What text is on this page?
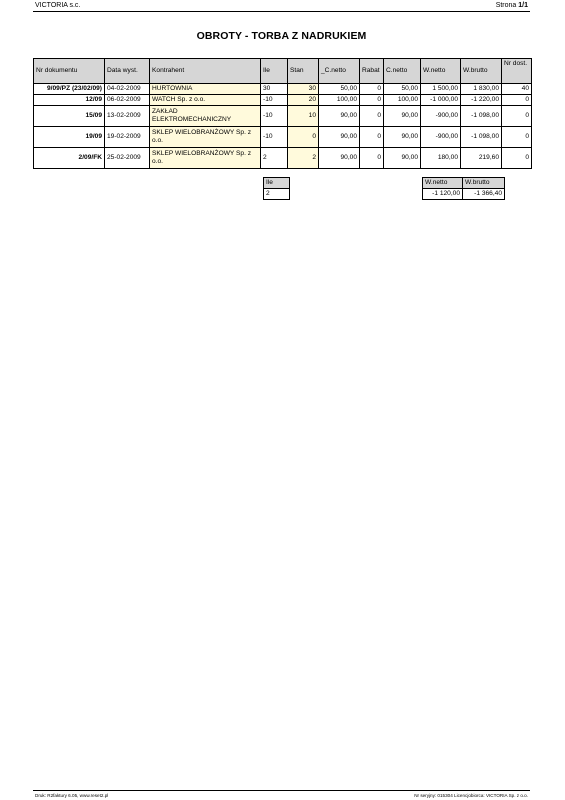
VICTORIA s.c.	Strona 1/1
OBROTY - TORBA Z NADRUKIEM
Nr dokumentu	Data wyst.	Kontrahent	Ile	Stan	_C.netto	Rabat	C.netto	W.netto	W.brutto	Nr dost.
9/09/PZ (23/02/09)	04-02-2009	HURTOWNIA	30	30	50,00	0	50,00	1 500,00	1 830,00	40
12/09	06-02-2009	WATCH Sp. z o.o.	-10	20	100,00	0	100,00	-1 000,00	-1 220,00	0
15/09	13-02-2009	ZAKŁAD ELEKTROMECHANICZNY	-10	10	90,00	0	90,00	-900,00	-1 098,00	0
19/09	19-02-2009	SKLEP WIELOBRANŻOWY Sp. z o.o.	-10	0	90,00	0	90,00	-900,00	-1 098,00	0
2/09/FK	25-02-2009	SKLEP WIELOBRANŻOWY Sp. z o.o.	2	2	90,00	0	90,00	180,00	219,60	0
Ile
2
W.netto	W.brutto
-1 120,00	-1 366,40
Druk: R2faktury 6.05, www.reset2.pl	Nr seryjny: 015304 Licencjobiorca: VICTORIA Sp. z o.o.
